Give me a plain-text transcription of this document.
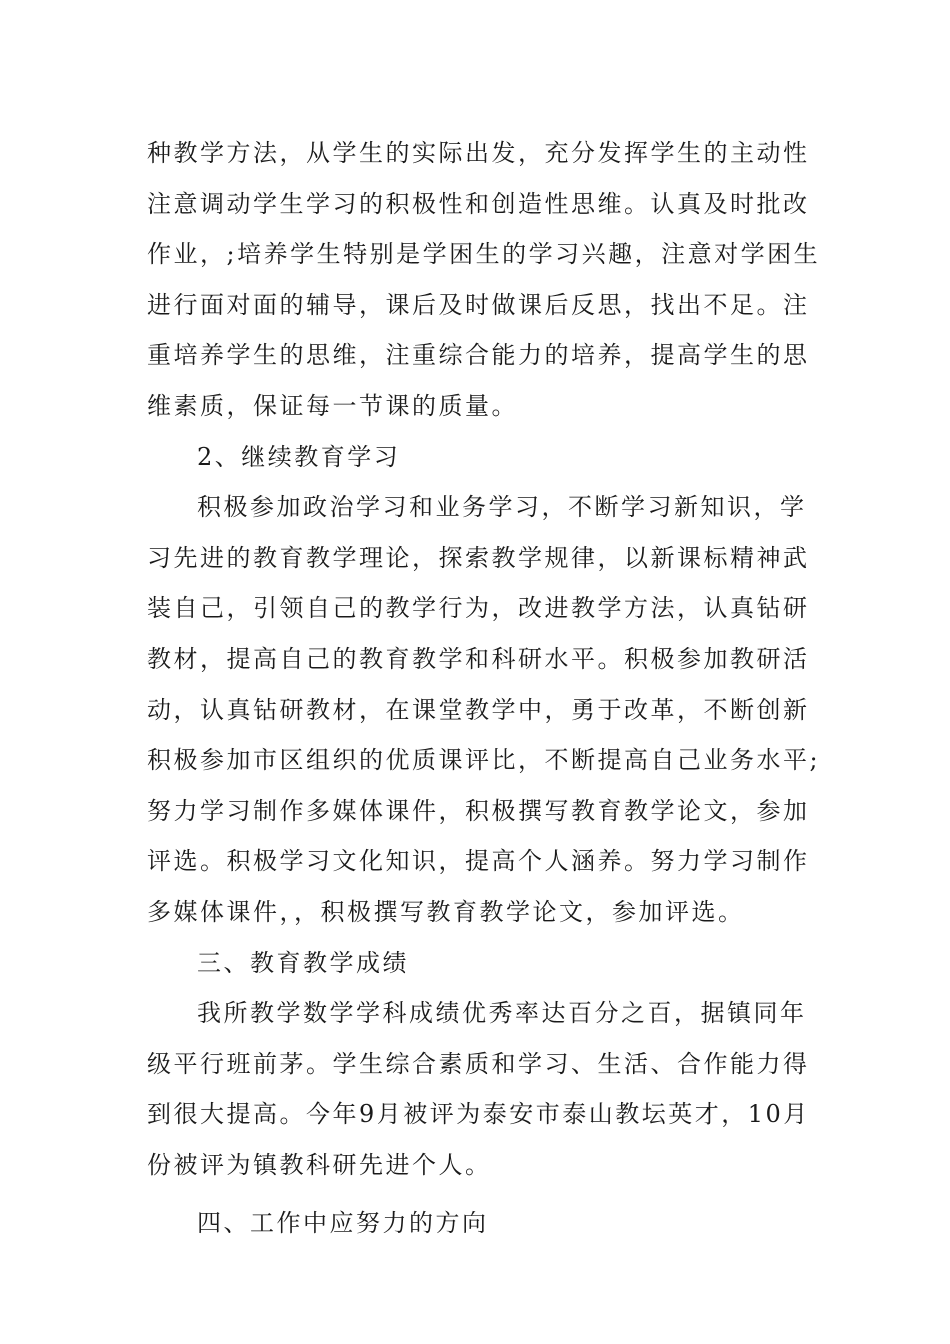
种教学方法，从学生的实际出发，充分发挥学生的主动性
注意调动学生学习的积极性和创造性思维。认真及时批改
作业，;培养学生特别是学困生的学习兴趣，注意对学困生
进行面对面的辅导，课后及时做课后反思，找出不足。注
重培养学生的思维，注重综合能力的培养，提高学生的思
维素质，保证每一节课的质量。
2、继续教育学习
积极参加政治学习和业务学习，不断学习新知识，学
习先进的教育教学理论，探索教学规律，以新课标精神武
装自己，引领自己的教学行为，改进教学方法，认真钻研
教材，提高自己的教育教学和科研水平。积极参加教研活
动，认真钻研教材，在课堂教学中，勇于改革，不断创新
积极参加市区组织的优质课评比，不断提高自己业务水平;
努力学习制作多媒体课件，积极撰写教育教学论文，参加
评选。积极学习文化知识，提高个人涵养。努力学习制作
多媒体课件，，积极撰写教育教学论文，参加评选。
三、教育教学成绩
我所教学数学学科成绩优秀率达百分之百，据镇同年
级平行班前茅。学生综合素质和学习、生活、合作能力得
到很大提高。今年9月被评为泰安市泰山教坛英才，10月
份被评为镇教科研先进个人。
四、工作中应努力的方向
